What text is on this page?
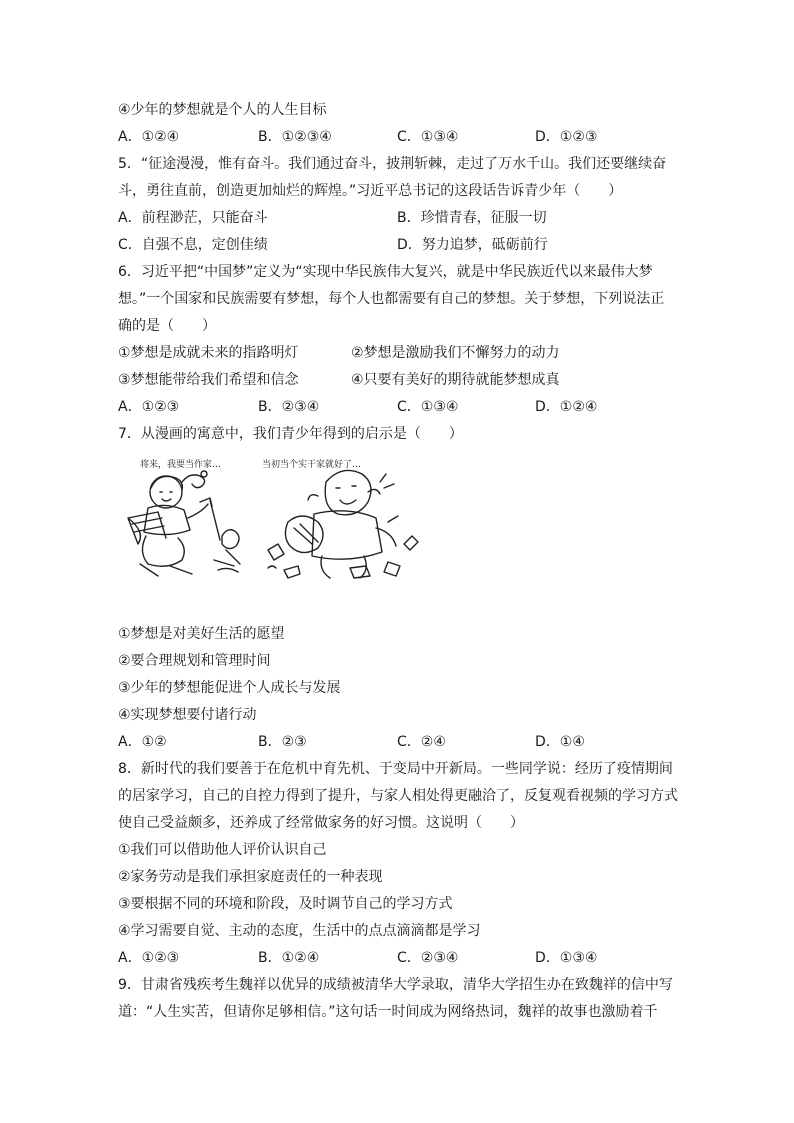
④少年的梦想就是个人的人生目标
A．①②④	B．①②③④	C．①③④	D．①②③
5．“征途漫漫，惟有奋斗。我们通过奋斗，披荆斩棘，走过了万水千山。我们还要继续奋
斗，勇往直前，创造更加灿烂的辉煌。”习近平总书记的这段话告诉青少年（　　）
A．前程渺茫，只能奋斗	B．珍惜青春，征服一切
C．自强不息，定创佳绩	D．努力追梦，砥砺前行
6．习近平把“中国梦”定义为“实现中华民族伟大复兴，就是中华民族近代以来最伟大梦
想。”一个国家和民族需要有梦想，每个人也都需要有自己的梦想。关于梦想，下列说法正
确的是（　　）
①梦想是成就未来的指路明灯	②梦想是激励我们不懈努力的动力
③梦想能带给我们希望和信念	④只要有美好的期待就能梦想成真
A．①②③	B．②③④	C．①③④	D．①②④
7．从漫画的寓意中，我们青少年得到的启示是（　　）
将来，我要当作家…	当初当个实干家就好了…
①梦想是对美好生活的愿望
②要合理规划和管理时间
③少年的梦想能促进个人成长与发展
④实现梦想要付诸行动
A．①②	B．②③	C．②④	D．①④
8．新时代的我们要善于在危机中育先机、于变局中开新局。一些同学说：经历了疫情期间
的居家学习，自己的自控力得到了提升，与家人相处得更融洽了，反复观看视频的学习方式
使自己受益颇多，还养成了经常做家务的好习惯。这说明（　　）
①我们可以借助他人评价认识自己
②家务劳动是我们承担家庭责任的一种表现
③要根据不同的环境和阶段，及时调节自己的学习方式
④学习需要自觉、主动的态度，生活中的点点滴滴都是学习
A．①②③	B．①②④	C．②③④	D．①③④
9．甘肃省残疾考生魏祥以优异的成绩被清华大学录取，清华大学招生办在致魏祥的信中写
道：“人生实苦，但请你足够相信。”这句话一时间成为网络热词，魏祥的故事也激励着千
